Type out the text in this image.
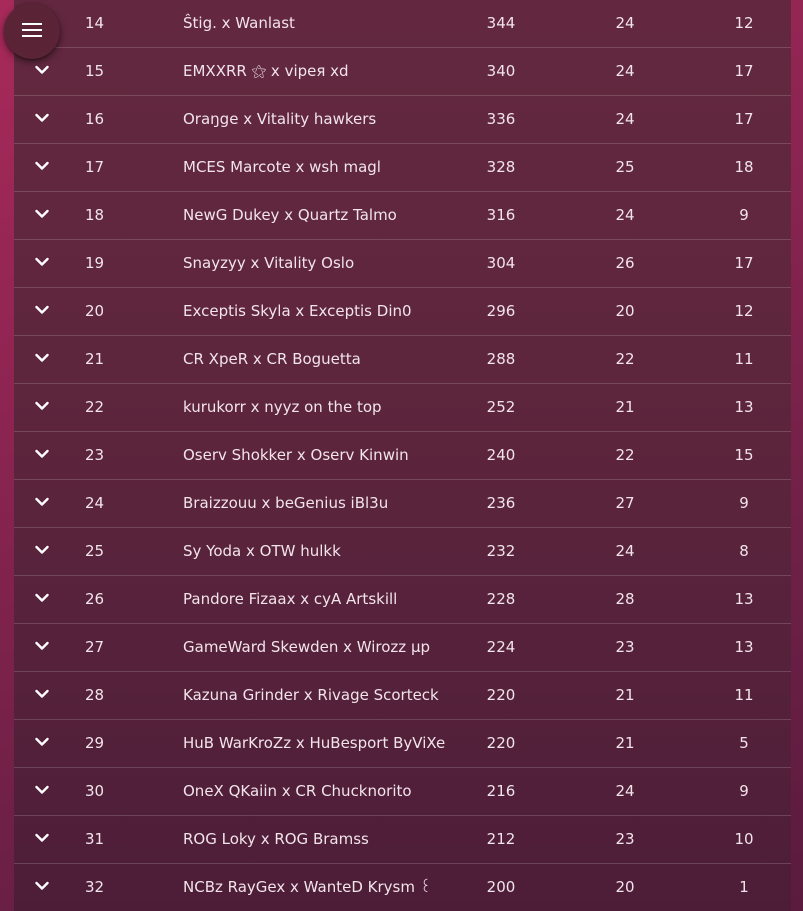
14	Ŝtig. x Wanlast	344	24	12
15	EMXXRR ⚝ x vipeя xd	340	24	17
16	Oraŋge x Vitality hawkers	336	24	17
17	MCES Marcote x wsh magl	328	25	18
18	NewG Dukey x Quartz Talmo	316	24	9
19	Snayzyy x Vitality Oslo	304	26	17
20	Exceptis Skyla x Exceptis Din0	296	20	12
21	CR XpeR x CR Boguetta	288	22	11
22	kurukorr x nyyz on the top	252	21	13
23	Oserv Shokker x Oserv Kinwin	240	22	15
24	Braizzouu x beGenius iBl3u	236	27	9
25	Sy Yoda x OTW hulkk	232	24	8
26	Pandore Fizaax x cyA Artskill	228	28	13
27	GameWard Skewden x Wirozz µp	224	23	13
28	Kazuna Grinder x Rivage Scorteck	220	21	11
29	HuB WarKroZz x HuBesport ByViXe	220	21	5
30	OneX QKaiin x CR Chucknorito	216	24	9
31	ROG Loky x ROG Bramss	212	23	10
32	NCBz RayGex x WanteD Krysm ꒰	200	20	1
